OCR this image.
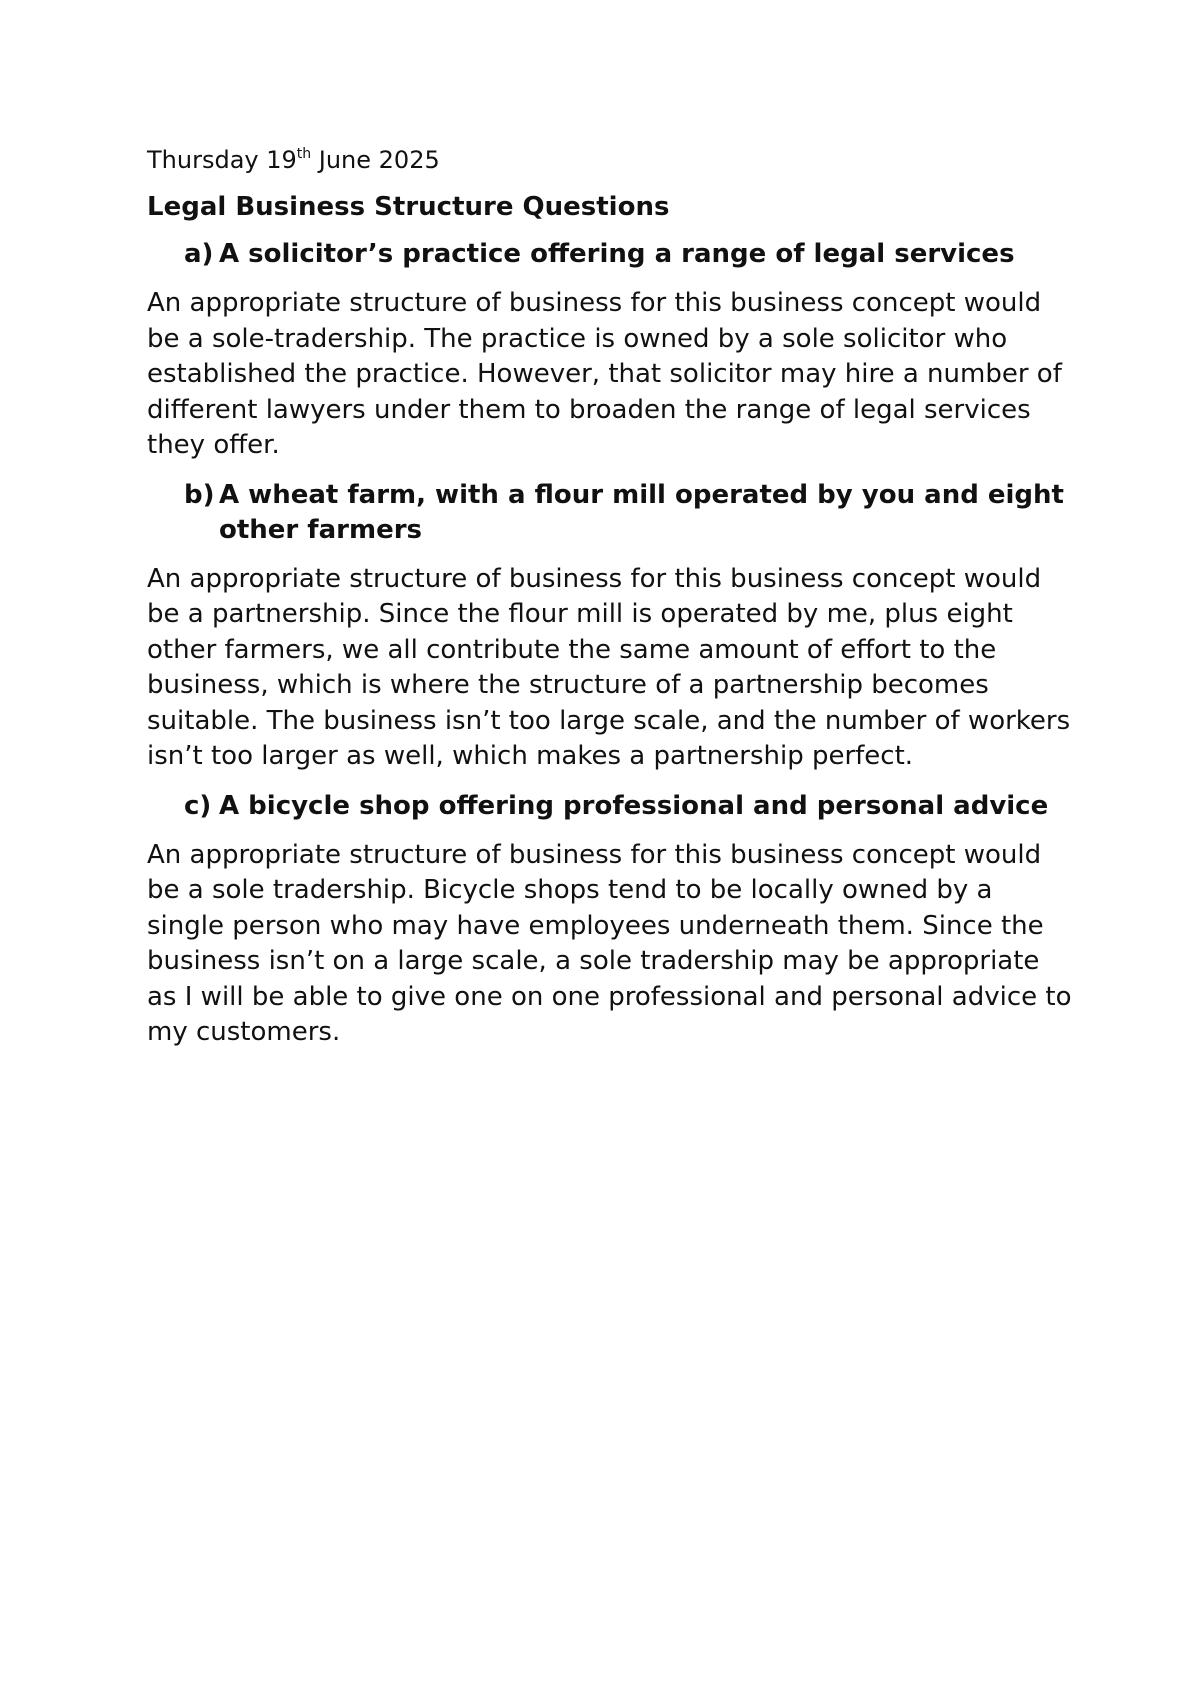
Thursday 19th June 2025

Legal Business Structure Questions

a) A solicitor’s practice offering a range of legal services

An appropriate structure of business for this business concept would be a sole-tradership. The practice is owned by a sole solicitor who established the practice. However, that solicitor may hire a number of different lawyers under them to broaden the range of legal services they offer.

b) A wheat farm, with a flour mill operated by you and eight other farmers

An appropriate structure of business for this business concept would be a partnership. Since the flour mill is operated by me, plus eight other farmers, we all contribute the same amount of effort to the business, which is where the structure of a partnership becomes suitable. The business isn’t too large scale, and the number of workers isn’t too larger as well, which makes a partnership perfect.

c) A bicycle shop offering professional and personal advice

An appropriate structure of business for this business concept would be a sole tradership. Bicycle shops tend to be locally owned by a single person who may have employees underneath them. Since the business isn’t on a large scale, a sole tradership may be appropriate as I will be able to give one on one professional and personal advice to my customers.
